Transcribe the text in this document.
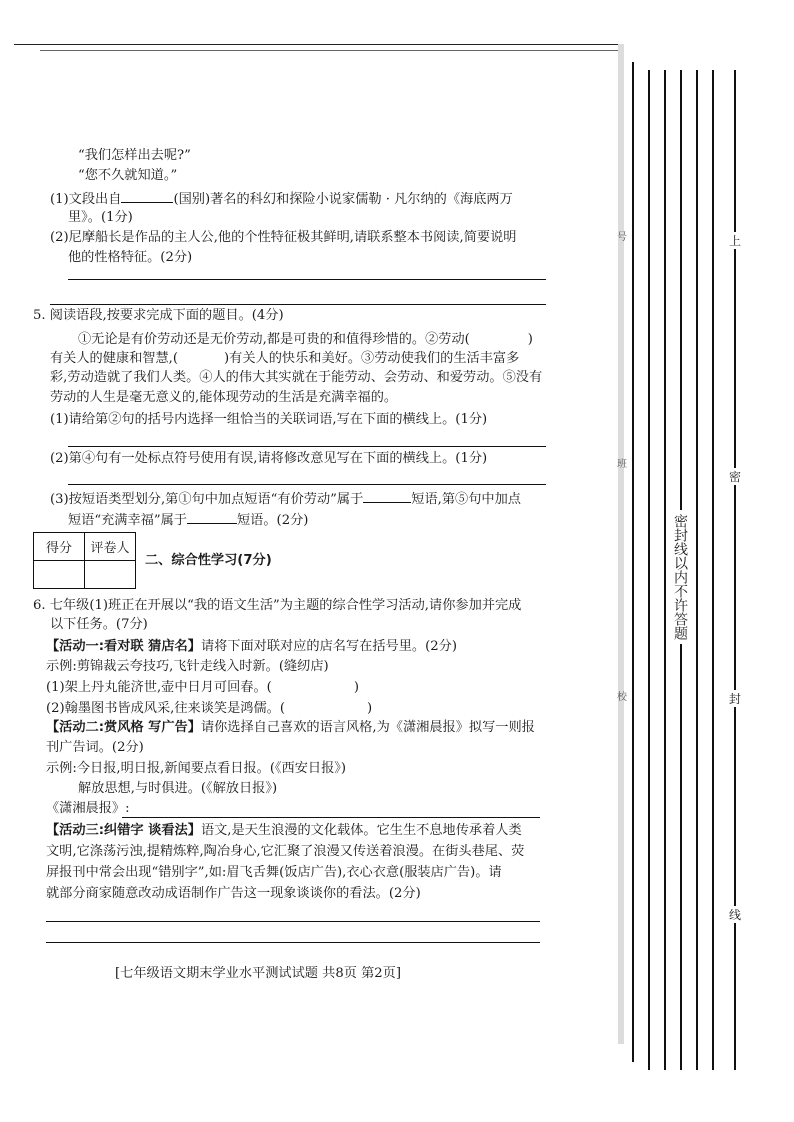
上
密
封
线
密封线以内不许答题
号
班
校
“我们怎样出去呢?”
“您不久就知道。”
(1)文段出自	(国别)著名的科幻和探险小说家儒勒 · 凡尔纳的《海底两万
里》。(1分)
(2)尼摩船长是作品的主人公,他的个性特征极其鲜明,请联系整本书阅读,简要说明
他的性格特征。(2分)
5. 阅读语段,按要求完成下面的题目。(4分)
①无论是有价劳动还是无价劳动,都是可贵的和值得珍惜的。②劳动(	)
有关人的健康和智慧,(	)有关人的快乐和美好。③劳动使我们的生活丰富多
彩,劳动造就了我们人类。④人的伟大其实就在于能劳动、会劳动、和爱劳动。⑤没有
劳动的人生是毫无意义的,能体现劳动的生活是充满幸福的。
(1)请给第②句的括号内选择一组恰当的关联词语,写在下面的横线上。(1分)
(2)第④句有一处标点符号使用有误,请将修改意见写在下面的横线上。(1分)
(3)按短语类型划分,第①句中加点短语“有价劳动”属于	短语,第⑤句中加点
短语“充满幸福”属于	短语。(2分)
得分	评卷人

二、综合性学习(7分)
6. 七年级(1)班正在开展以“我的语文生活”为主题的综合性学习活动,请你参加并完成
以下任务。(7分)
【活动一:看对联 猜店名】请将下面对联对应的店名写在括号里。(2分)
示例:剪锦裁云夸技巧,飞针走线入时新。(缝纫店)
(1)架上丹丸能济世,壶中日月可回春。(	)
(2)翰墨图书皆成风采,往来谈笑是鸿儒。(	)
【活动二:赏风格 写广告】请你选择自己喜欢的语言风格,为《潇湘晨报》拟写一则报
刊广告词。(2分)
示例:今日报,明日报,新闻要点看日报。(《西安日报》)
解放思想,与时俱进。(《解放日报》)
《潇湘晨报》:
【活动三:纠错字 谈看法】语文,是天生浪漫的文化载体。它生生不息地传承着人类
文明,它涤荡污浊,提精炼粹,陶冶身心,它汇聚了浪漫又传送着浪漫。在街头巷尾、荧
屏报刊中常会出现“错别字”,如:眉飞舌舞(饭店广告),衣心衣意(服装店广告)。请
就部分商家随意改动成语制作广告这一现象谈谈你的看法。(2分)
[七年级语文期末学业水平测试试题 共8页 第2页]
